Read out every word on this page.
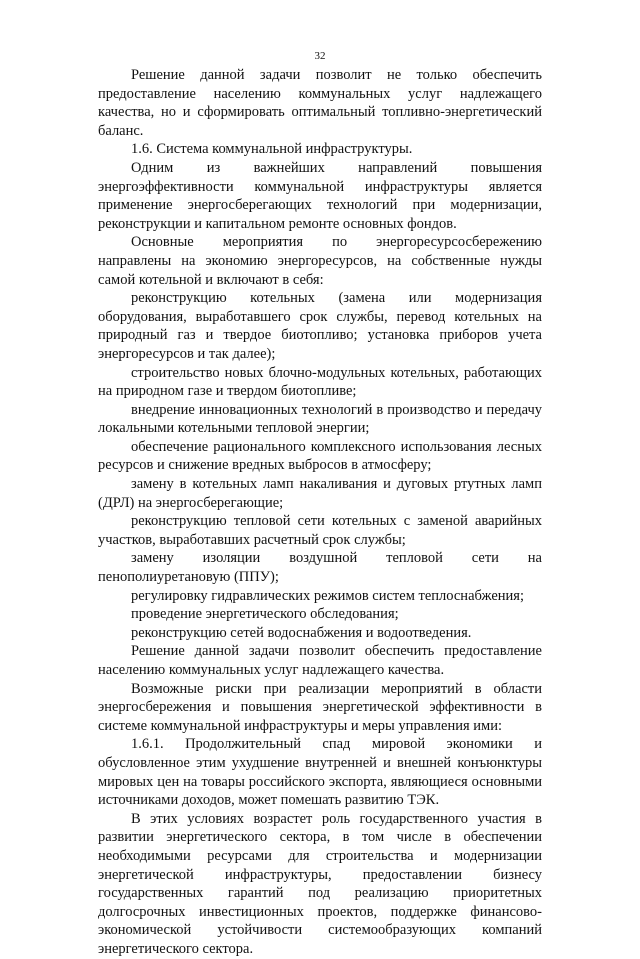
32

Решение данной задачи позволит не только обеспечить предоставление населению коммунальных услуг надлежащего качества, но и сформировать оптимальный топливно-энергетический баланс.

1.6. Система коммунальной инфраструктуры.

Одним из важнейших направлений повышения энергоэффективности коммунальной инфраструктуры является применение энергосберегающих технологий при модернизации, реконструкции и капитальном ремонте основных фондов.

Основные мероприятия по энергоресурсосбережению направлены на экономию энергоресурсов, на собственные нужды самой котельной и включают в себя:

реконструкцию котельных (замена или модернизация оборудования, выработавшего срок службы, перевод котельных на природный газ и твердое биотопливо; установка приборов учета энергоресурсов и так далее);

строительство новых блочно-модульных котельных, работающих на природном газе и твердом биотопливе;

внедрение инновационных технологий в производство и передачу локальными котельными тепловой энергии;

обеспечение рационального комплексного использования лесных ресурсов и снижение вредных выбросов в атмосферу;

замену в котельных ламп накаливания и дуговых ртутных ламп (ДРЛ) на энергосберегающие;

реконструкцию тепловой сети котельных с заменой аварийных участков, выработавших расчетный срок службы;

замену изоляции воздушной тепловой сети на пенополиуретановую (ППУ);

регулировку гидравлических режимов систем теплоснабжения;

проведение энергетического обследования;

реконструкцию сетей водоснабжения и водоотведения.

Решение данной задачи позволит обеспечить предоставление населению коммунальных услуг надлежащего качества.

Возможные риски при реализации мероприятий в области энергосбережения и повышения энергетической эффективности в системе коммунальной инфраструктуры и меры управления ими:

1.6.1. Продолжительный спад мировой экономики и обусловленное этим ухудшение внутренней и внешней конъюнктуры мировых цен на товары российского экспорта, являющиеся основными источниками доходов, может помешать развитию ТЭК.

В этих условиях возрастет роль государственного участия в развитии энергетического сектора, в том числе в обеспечении необходимыми ресурсами для строительства и модернизации энергетической инфраструктуры, предоставлении бизнесу государственных гарантий под реализацию приоритетных долгосрочных инвестиционных проектов, поддержке финансово-экономической устойчивости системообразующих компаний энергетического сектора.
